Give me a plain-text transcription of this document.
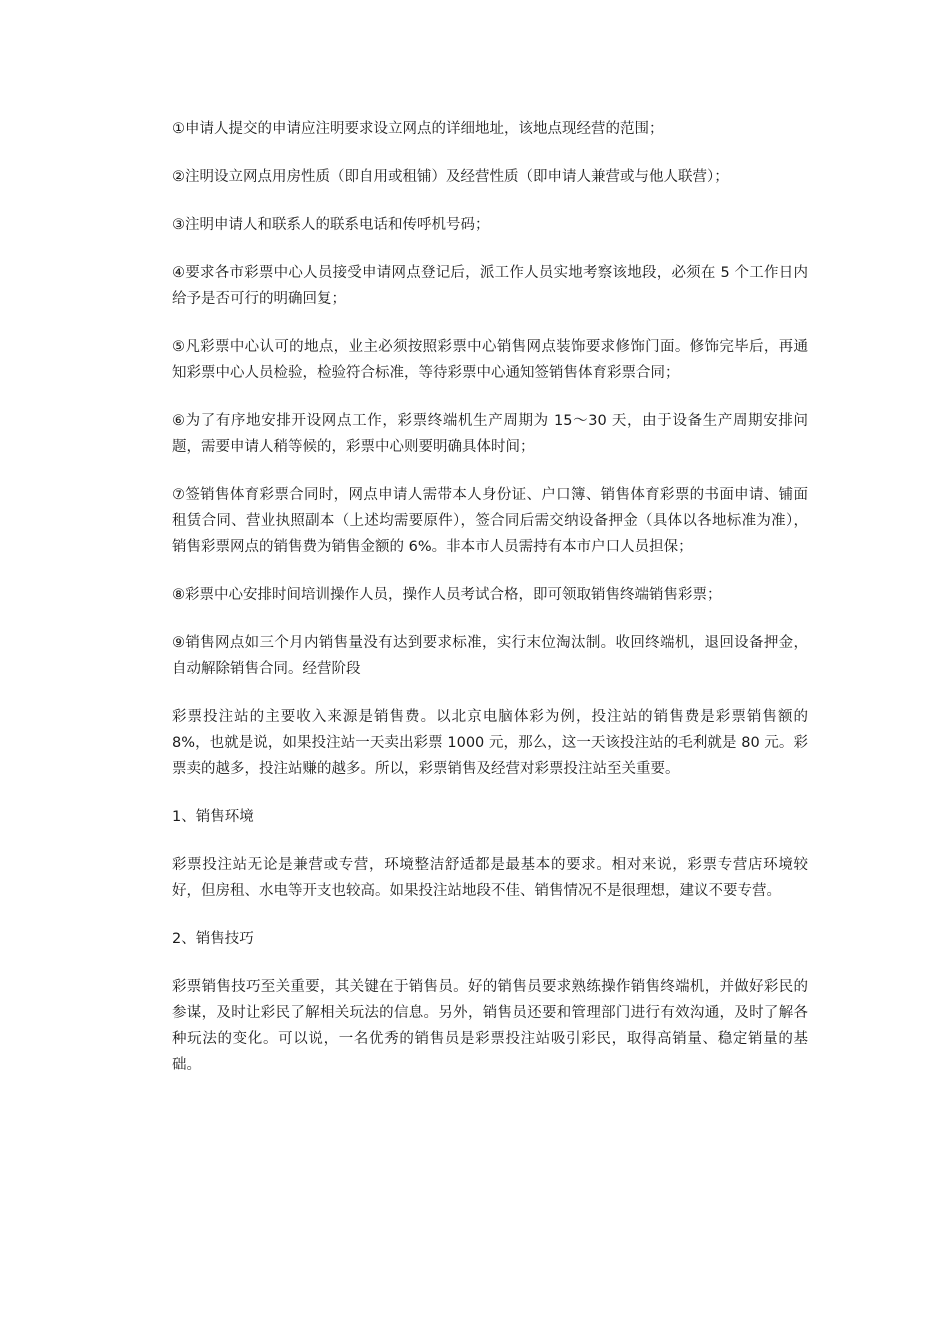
①申请人提交的申请应注明要求设立网点的详细地址，该地点现经营的范围；

②注明设立网点用房性质（即自用或租铺）及经营性质（即申请人兼营或与他人联营）；

③注明申请人和联系人的联系电话和传呼机号码；

④要求各市彩票中心人员接受申请网点登记后，派工作人员实地考察该地段，必须在 5 个工作日内给予是否可行的明确回复；

⑤凡彩票中心认可的地点，业主必须按照彩票中心销售网点装饰要求修饰门面。修饰完毕后，再通知彩票中心人员检验，检验符合标准，等待彩票中心通知签销售体育彩票合同；

⑥为了有序地安排开设网点工作，彩票终端机生产周期为 15～30 天，由于设备生产周期安排问题，需要申请人稍等候的，彩票中心则要明确具体时间；

⑦签销售体育彩票合同时，网点申请人需带本人身份证、户口簿、销售体育彩票的书面申请、铺面租赁合同、营业执照副本（上述均需要原件），签合同后需交纳设备押金（具体以各地标准为准），销售彩票网点的销售费为销售金额的 6%。非本市人员需持有本市户口人员担保；

⑧彩票中心安排时间培训操作人员，操作人员考试合格，即可领取销售终端销售彩票；

⑨销售网点如三个月内销售量没有达到要求标准，实行末位淘汰制。收回终端机，退回设备押金，自动解除销售合同。经营阶段

彩票投注站的主要收入来源是销售费。以北京电脑体彩为例，投注站的销售费是彩票销售额的 8%，也就是说，如果投注站一天卖出彩票 1000 元，那么，这一天该投注站的毛利就是 80 元。彩票卖的越多，投注站赚的越多。所以，彩票销售及经营对彩票投注站至关重要。

1、销售环境

彩票投注站无论是兼营或专营，环境整洁舒适都是最基本的要求。相对来说，彩票专营店环境较好，但房租、水电等开支也较高。如果投注站地段不佳、销售情况不是很理想，建议不要专营。

2、销售技巧

彩票销售技巧至关重要，其关键在于销售员。好的销售员要求熟练操作销售终端机，并做好彩民的参谋，及时让彩民了解相关玩法的信息。另外，销售员还要和管理部门进行有效沟通，及时了解各种玩法的变化。可以说，一名优秀的销售员是彩票投注站吸引彩民，取得高销量、稳定销量的基础。
